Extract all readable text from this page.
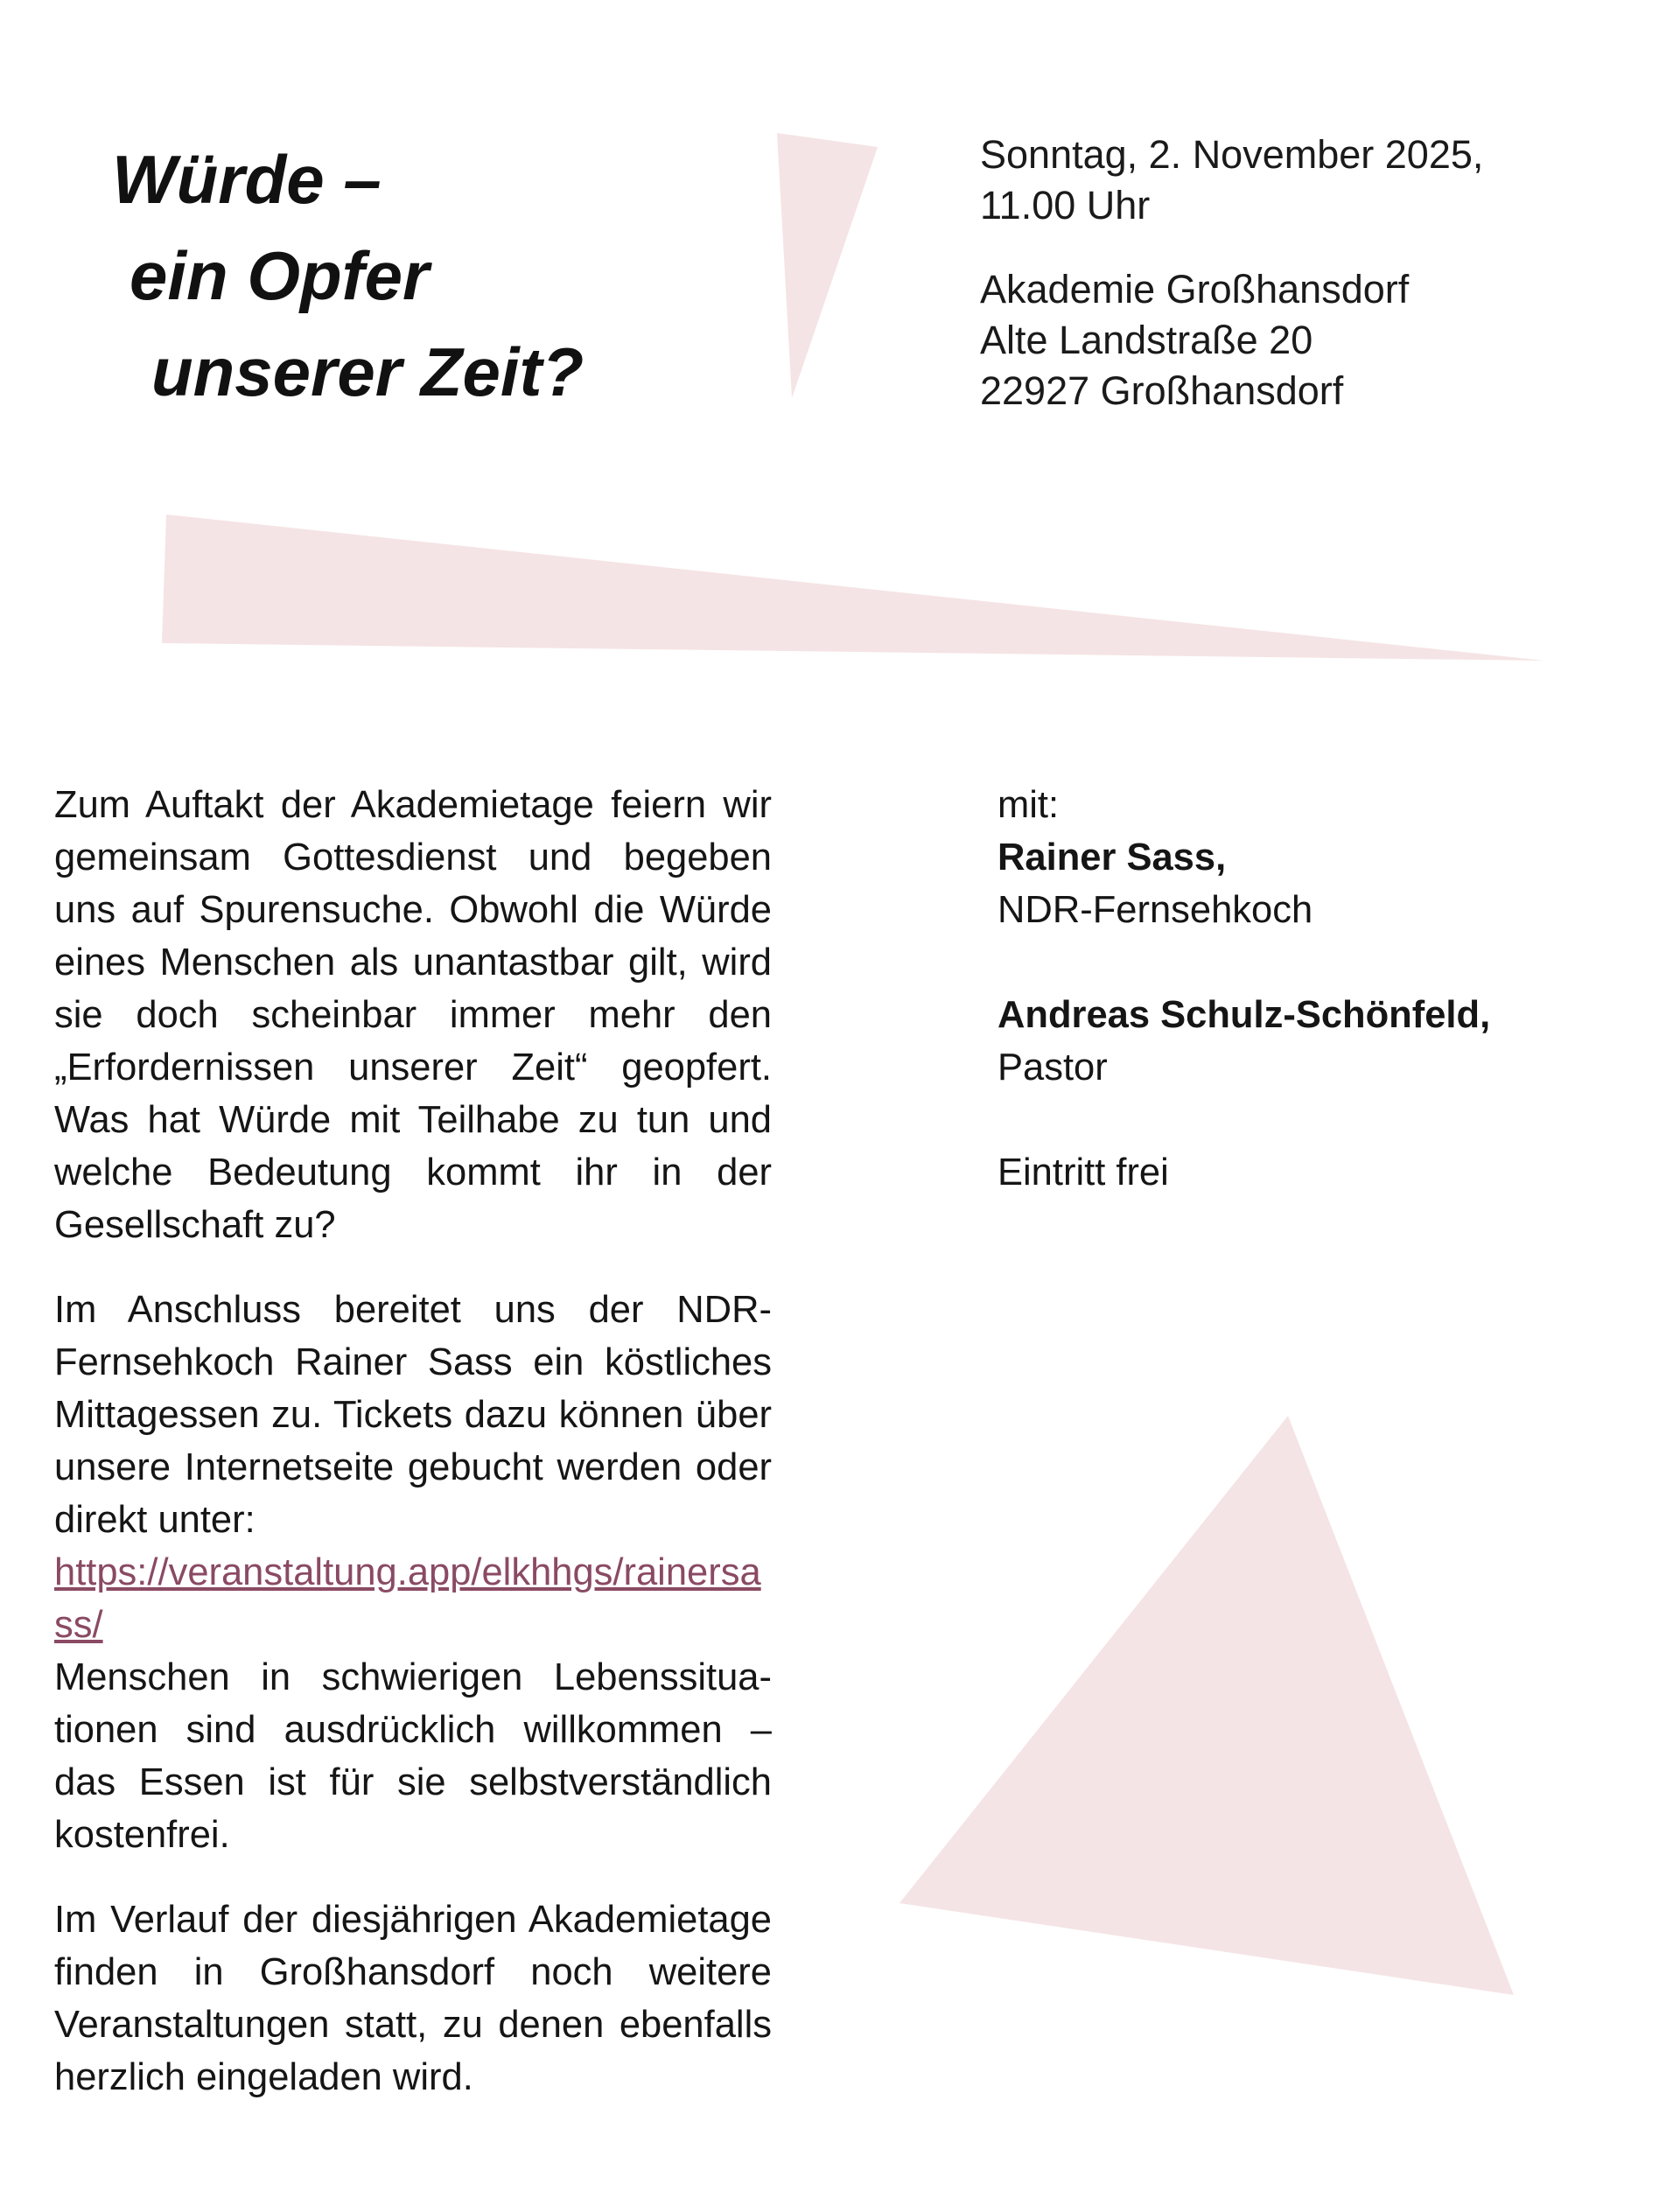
Würde –
ein Opfer
unserer Zeit?
Sonntag, 2. November 2025,
11.00 Uhr
Akademie Großhansdorf
Alte Landstraße 20
22927 Großhansdorf

Zum Auftakt der Akademietage feiern wir gemeinsam Gottesdienst und begeben uns auf Spurensuche. Obwohl die Würde eines Menschen als unantastbar gilt, wird sie doch scheinbar immer mehr den „Erfordernissen unserer Zeit“ geopfert. Was hat Würde mit Teilhabe zu tun und welche Bedeutung kommt ihr in der Gesellschaft zu?

Im Anschluss bereitet uns der NDR-Fernsehkoch Rainer Sass ein köstliches Mittagessen zu. Tickets dazu können über unsere Internetseite gebucht werden oder direkt unter:

https://veranstaltung.app/elkhhgs/rainersass/

Menschen in schwierigen Lebenssituationen sind ausdrücklich willkommen – das Essen ist für sie selbstverständlich kostenfrei.

Im Verlauf der diesjährigen Akademietage finden in Großhansdorf noch weitere Veranstaltungen statt, zu denen ebenfalls herzlich eingeladen wird.

mit:
Rainer Sass,
NDR-Fernsehkoch
Andreas Schulz-Schönfeld,
Pastor
Eintritt frei
